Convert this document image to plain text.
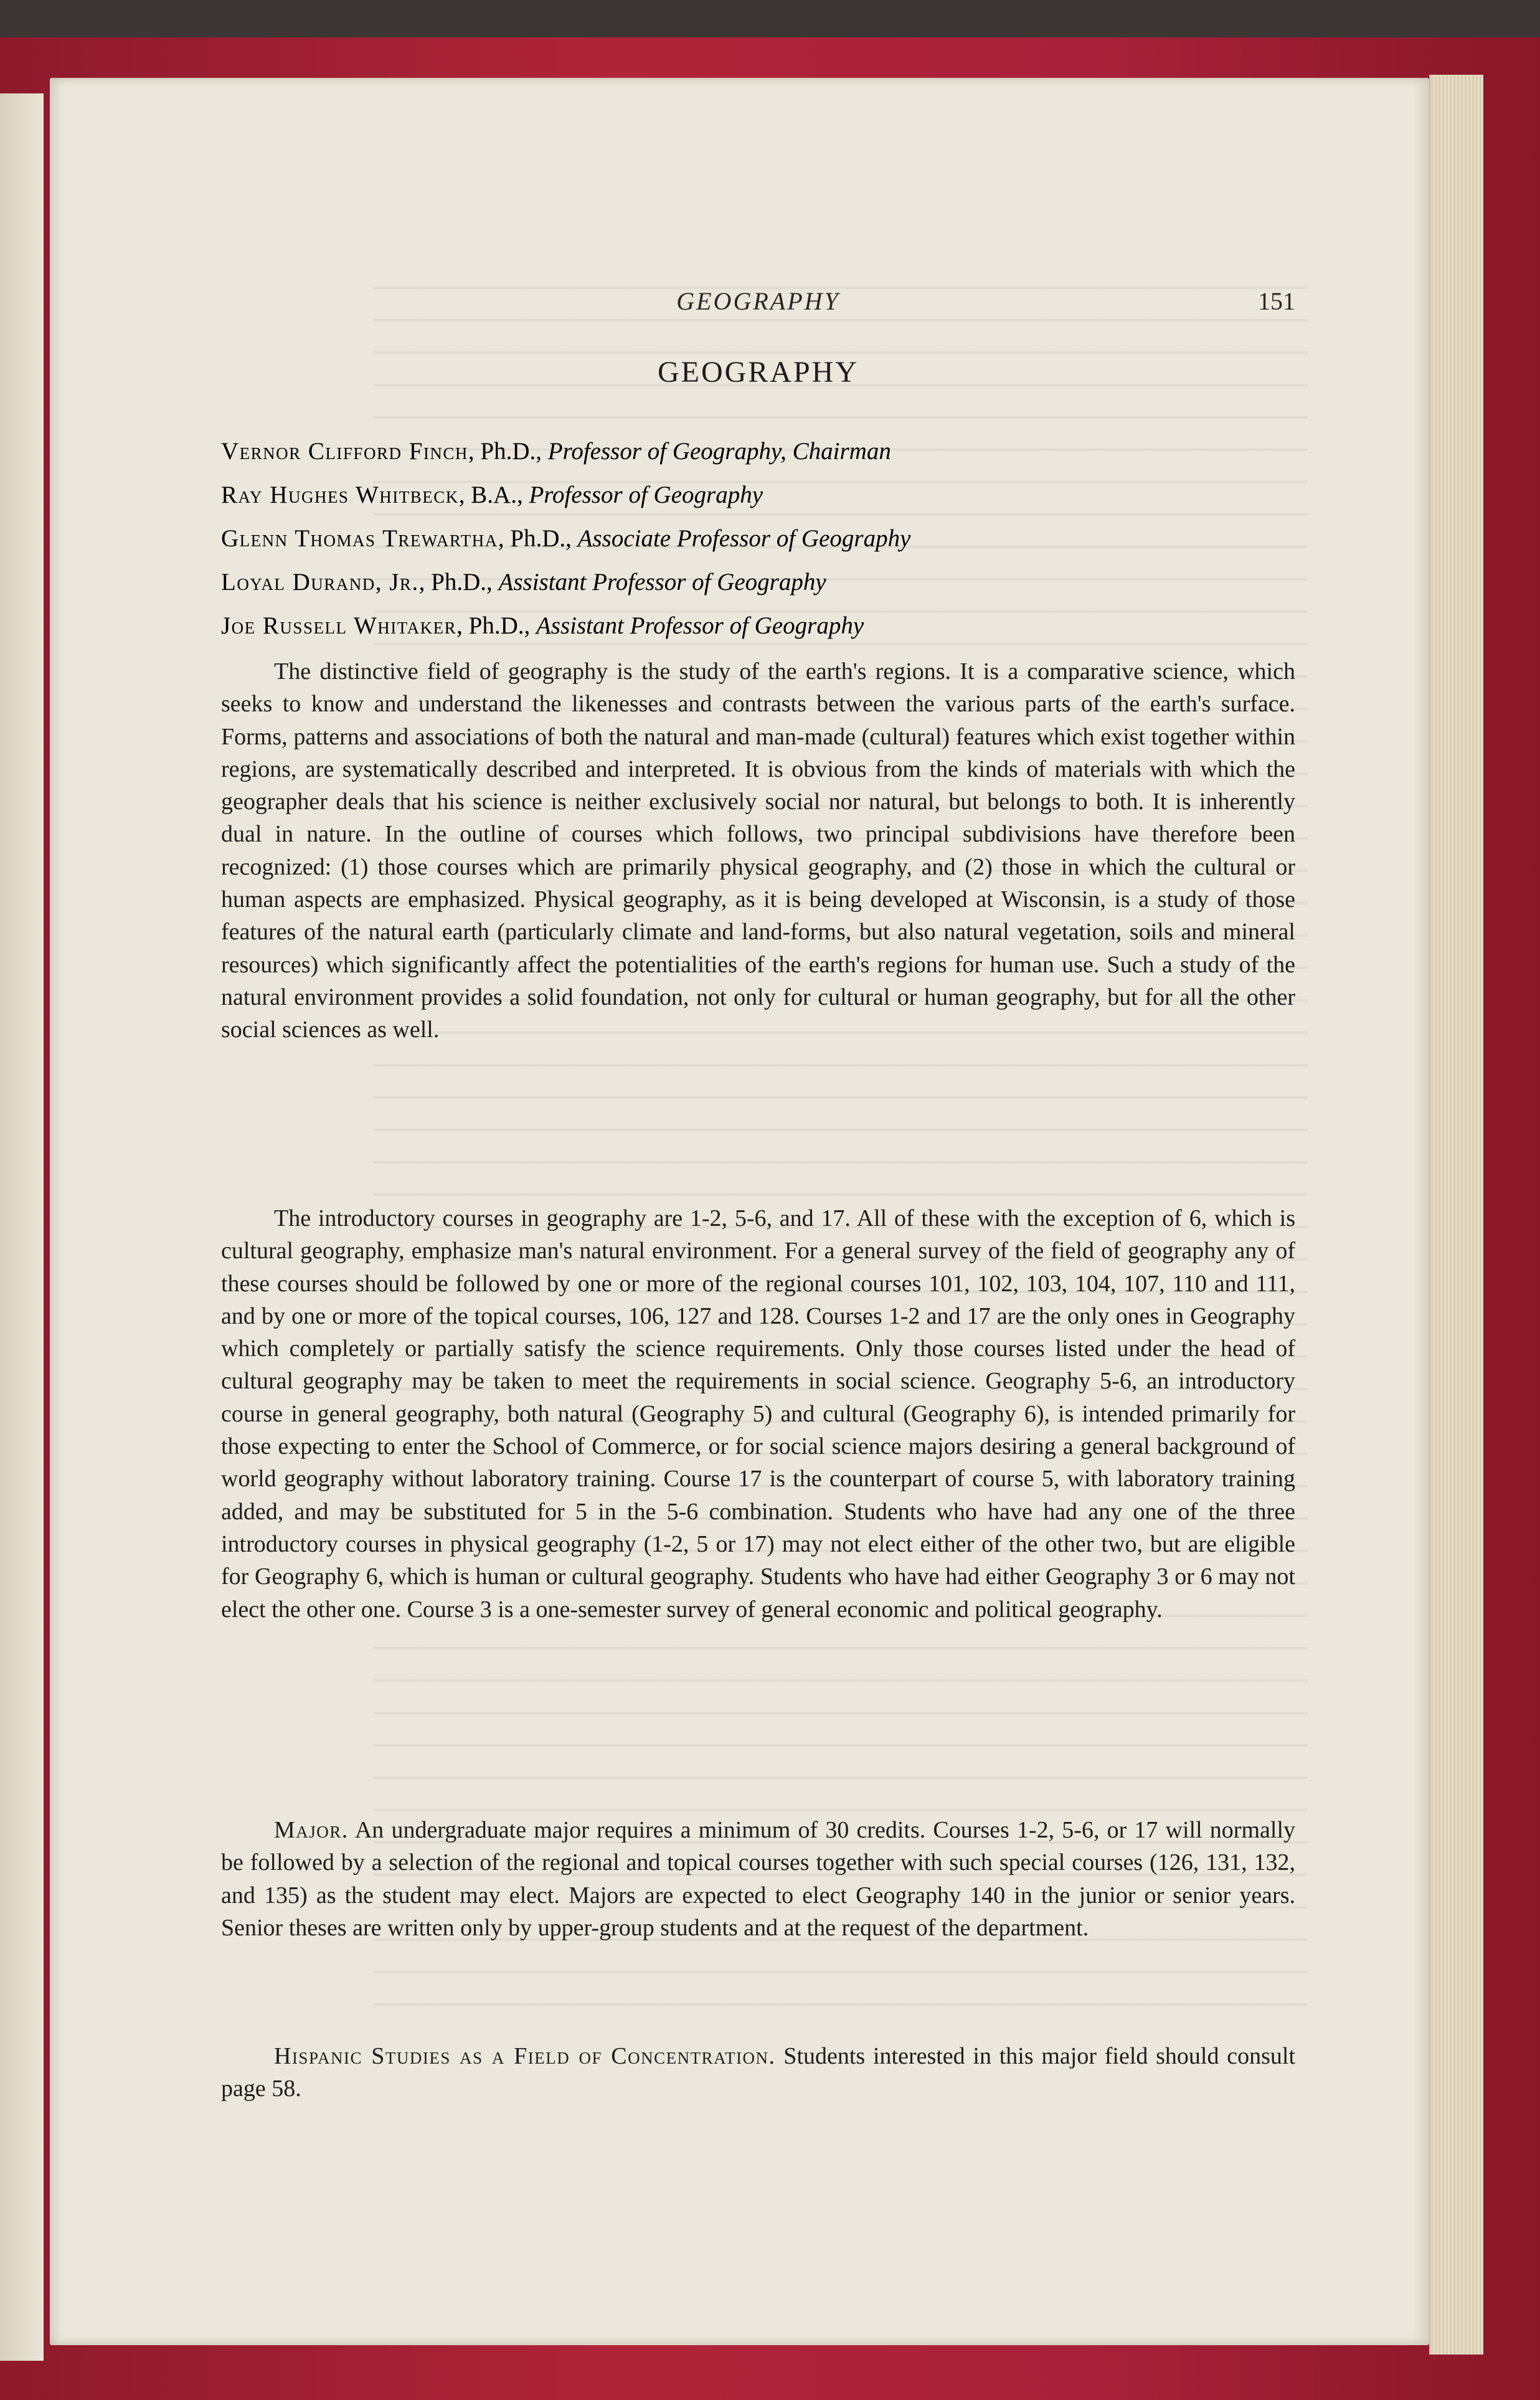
GEOGRAPHY	151
GEOGRAPHY
Vernor Clifford Finch, Ph.D., Professor of Geography, Chairman
Ray Hughes Whitbeck, B.A., Professor of Geography
Glenn Thomas Trewartha, Ph.D., Associate Professor of Geography
Loyal Durand, Jr., Ph.D., Assistant Professor of Geography
Joe Russell Whitaker, Ph.D., Assistant Professor of Geography

The distinctive field of geography is the study of the earth's regions. It is a comparative science, which seeks to know and understand the likenesses and contrasts between the various parts of the earth's surface. Forms, patterns and associations of both the natural and man-made (cultural) features which exist together within regions, are systematically described and interpreted. It is obvious from the kinds of materials with which the geographer deals that his science is neither exclusively social nor natural, but belongs to both. It is inherently dual in nature. In the outline of courses which follows, two principal subdivisions have therefore been recognized: (1) those courses which are primarily physical geography, and (2) those in which the cultural or human aspects are emphasized. Physical geography, as it is being developed at Wisconsin, is a study of those features of the natural earth (particularly climate and land-forms, but also natural vegetation, soils and mineral resources) which significantly affect the potentialities of the earth's regions for human use. Such a study of the natural environment provides a solid foundation, not only for cultural or human geography, but for all the other social sciences as well.

The introductory courses in geography are 1-2, 5-6, and 17. All of these with the exception of 6, which is cultural geography, emphasize man's natural environment. For a general survey of the field of geography any of these courses should be followed by one or more of the regional courses 101, 102, 103, 104, 107, 110 and 111, and by one or more of the topical courses, 106, 127 and 128. Courses 1-2 and 17 are the only ones in Geography which completely or partially satisfy the science requirements. Only those courses listed under the head of cultural geography may be taken to meet the requirements in social science. Geography 5-6, an introductory course in general geography, both natural (Geography 5) and cultural (Geography 6), is intended primarily for those expecting to enter the School of Commerce, or for social science majors desiring a general background of world geography without laboratory training. Course 17 is the counterpart of course 5, with laboratory training added, and may be substituted for 5 in the 5-6 combination. Students who have had any one of the three introductory courses in physical geography (1-2, 5 or 17) may not elect either of the other two, but are eligible for Geography 6, which is human or cultural geography. Students who have had either Geography 3 or 6 may not elect the other one. Course 3 is a one-semester survey of general economic and political geography.

Major. An undergraduate major requires a minimum of 30 credits. Courses 1-2, 5-6, or 17 will normally be followed by a selection of the regional and topical courses together with such special courses (126, 131, 132, and 135) as the student may elect. Majors are expected to elect Geography 140 in the junior or senior years. Senior theses are written only by upper-group students and at the request of the department.

Hispanic Studies as a Field of Concentration. Students interested in this major field should consult page 58.
